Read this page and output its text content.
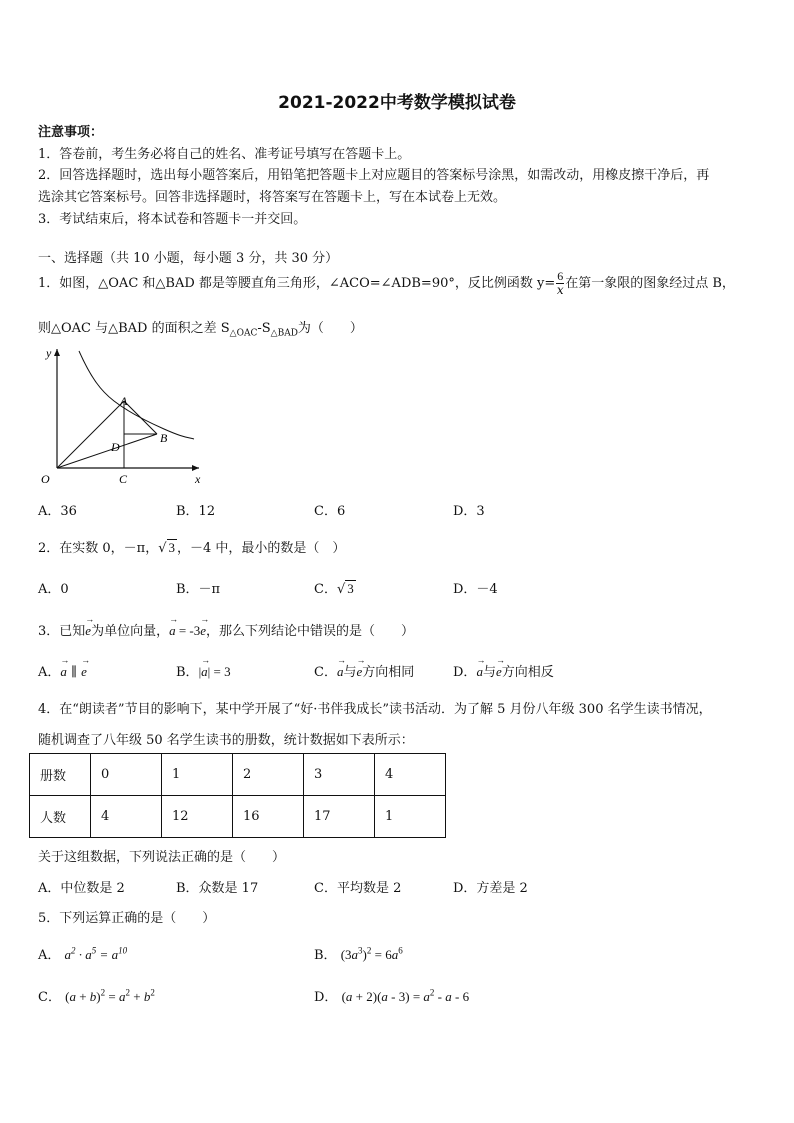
2021-2022中考数学模拟试卷
注意事项：
1．答卷前，考生务必将自己的姓名、准考证号填写在答题卡上。
2．回答选择题时，选出每小题答案后，用铅笔把答题卡上对应题目的答案标号涂黑，如需改动，用橡皮擦干净后，再
选涂其它答案标号。回答非选择题时，将答案写在答题卡上，写在本试卷上无效。
3．考试结束后，将本试卷和答题卡一并交回。
一、选择题（共 10 小题，每小题 3 分，共 30 分）
1．如图，△OAC 和△BAD 都是等腰直角三角形，∠ACO=∠ADB=90°，反比例函数 $y= \frac{6}{x}$ 在第一象限的图象经过点 B，
则△OAC 与△BAD 的面积之差 $S_{\triangle OAC}-S_{\triangle BAD}$为（　　）
y
x
O
A
B
C
D
A．36	B．12	C．6	D．3
2．在实数 0，－π，√ 3 ，－4 中，最小的数是（　）
A．0	B．－π	C．√ 3	D．－4
3．已知→ e为单位向量，→ a = -3→ e，那么下列结论中错误的是（　　）
A．→ a ∥ → e	B．|→ a| = 3	C．→ a与→ e方向相同	D．→ a与→ e方向相反
4．在“朗读者”节目的影响下，某中学开展了“好·书伴我成长”读书活动．为了解 5 月份八年级 300 名学生读书情况，
随机调查了八年级 50 名学生读书的册数，统计数据如下表所示：
册数	0	1	2	3	4
人数	4	12	16	17	1
关于这组数据，下列说法正确的是（　　）
A．中位数是 2	B．众数是 17	C．平均数是 2	D．方差是 2
5．下列运算正确的是（　　）
A． $a^2 \cdot a^5 = a^{10}$	B． $(3a^3)^2 = 6a^6$
C． $(a + b)^2 = a^2 + b^2$	D． $(a + 2)(a - 3) = a^2 - a - 6$
